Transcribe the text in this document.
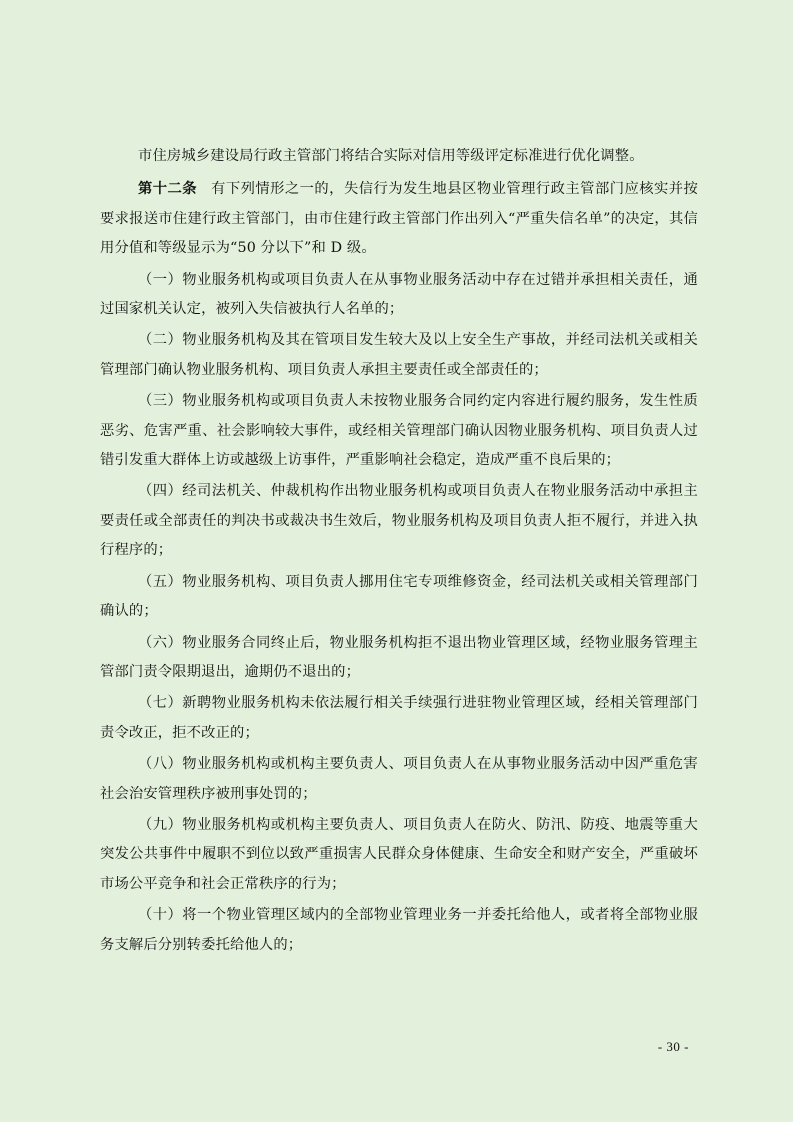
市住房城乡建设局行政主管部门将结合实际对信用等级评定标准进行优化调整。

第十二条 有下列情形之一的，失信行为发生地县区物业管理行政主管部门应核实并按要求报送市住建行政主管部门，由市住建行政主管部门作出列入“严重失信名单”的决定，其信用分值和等级显示为“50 分以下”和 D 级。

（一）物业服务机构或项目负责人在从事物业服务活动中存在过错并承担相关责任，通过国家机关认定，被列入失信被执行人名单的；

（二）物业服务机构及其在管项目发生较大及以上安全生产事故，并经司法机关或相关管理部门确认物业服务机构、项目负责人承担主要责任或全部责任的；

（三）物业服务机构或项目负责人未按物业服务合同约定内容进行履约服务，发生性质恶劣、危害严重、社会影响较大事件，或经相关管理部门确认因物业服务机构、项目负责人过错引发重大群体上访或越级上访事件，严重影响社会稳定，造成严重不良后果的；

（四）经司法机关、仲裁机构作出物业服务机构或项目负责人在物业服务活动中承担主要责任或全部责任的判决书或裁决书生效后，物业服务机构及项目负责人拒不履行，并进入执行程序的；

（五）物业服务机构、项目负责人挪用住宅专项维修资金，经司法机关或相关管理部门确认的；

（六）物业服务合同终止后，物业服务机构拒不退出物业管理区域，经物业服务管理主管部门责令限期退出，逾期仍不退出的；

（七）新聘物业服务机构未依法履行相关手续强行进驻物业管理区域，经相关管理部门责令改正，拒不改正的；

（八）物业服务机构或机构主要负责人、项目负责人在从事物业服务活动中因严重危害社会治安管理秩序被刑事处罚的；

（九）物业服务机构或机构主要负责人、项目负责人在防火、防汛、防疫、地震等重大突发公共事件中履职不到位以致严重损害人民群众身体健康、生命安全和财产安全，严重破坏市场公平竞争和社会正常秩序的行为；

（十）将一个物业管理区域内的全部物业管理业务一并委托给他人，或者将全部物业服务支解后分别转委托给他人的；

- 30 -
